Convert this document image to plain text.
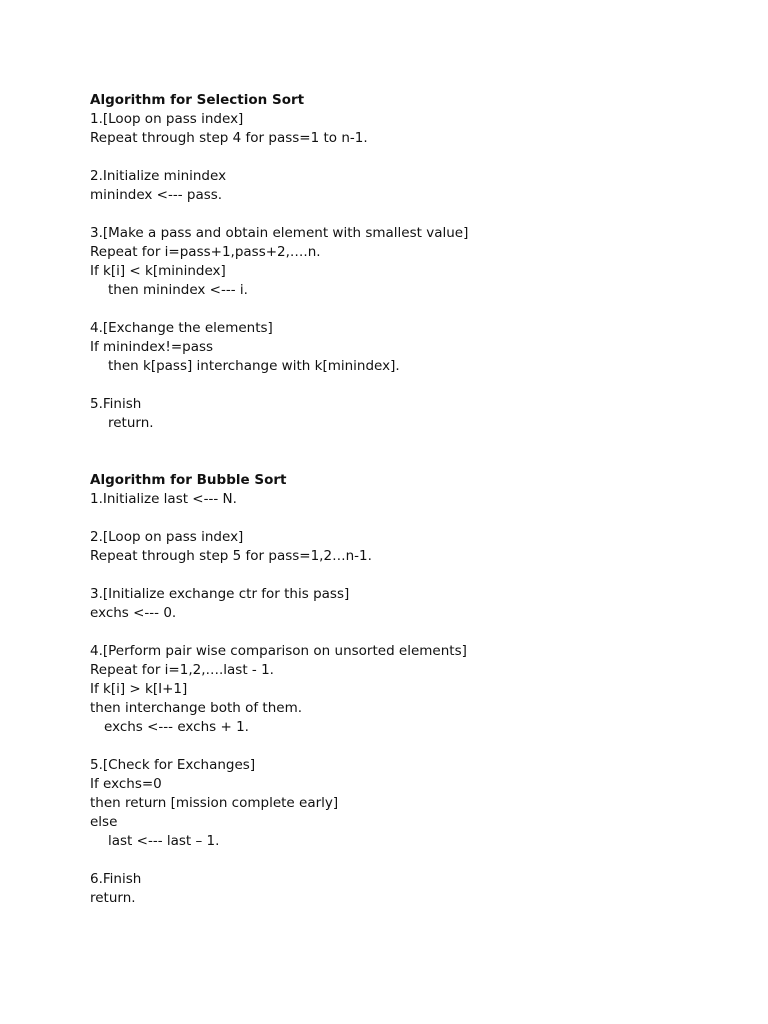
Algorithm for Selection Sort
1.[Loop on pass index]
Repeat through step 4 for pass=1 to n-1.
2.Initialize minindex
minindex <--- pass.
3.[Make a pass and obtain element with smallest value]
Repeat for i=pass+1,pass+2,….n.
If k[i] < k[minindex]
then minindex <--- i.
4.[Exchange the elements]
If minindex!=pass
then k[pass] interchange with k[minindex].
5.Finish
return.
Algorithm for Bubble Sort
1.Initialize last <--- N.
2.[Loop on pass index]
Repeat through step 5 for pass=1,2…n-1.
3.[Initialize exchange ctr for this pass]
exchs <--- 0.
4.[Perform pair wise comparison on unsorted elements]
Repeat for i=1,2,….last - 1.
If k[i] > k[I+1]
then interchange both of them.
exchs <--- exchs + 1.
5.[Check for Exchanges]
If exchs=0
then return [mission complete early]
else
last <--- last – 1.
6.Finish
return.
